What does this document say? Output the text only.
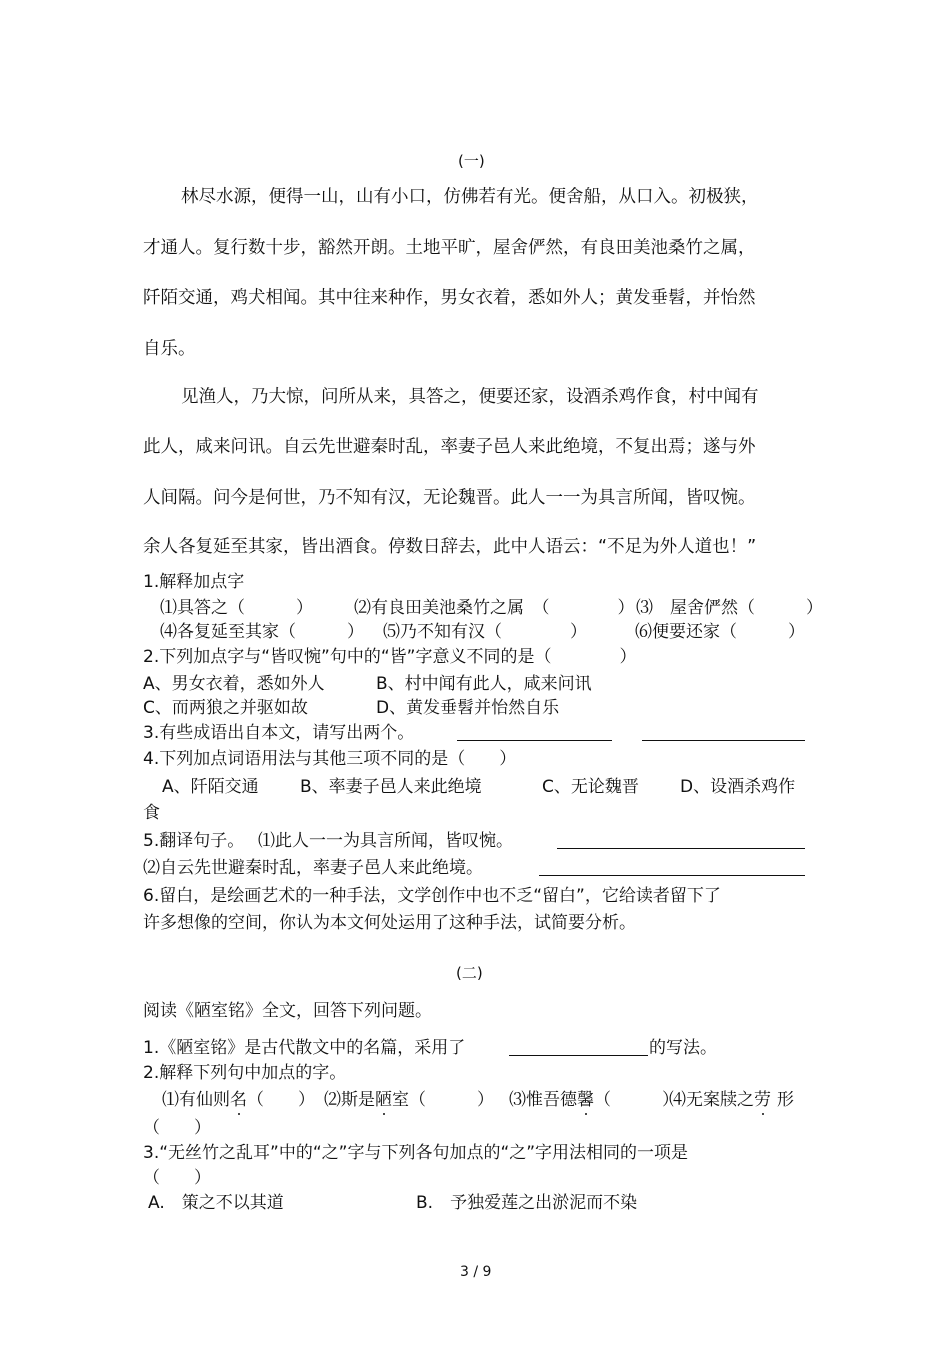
(一)
林尽水源，便得一山，山有小口，仿佛若有光。便舍船，从口入。初极狭，
才通人。复行数十步，豁然开朗。土地平旷，屋舍俨然，有良田美池桑竹之属，
阡陌交通，鸡犬相闻。其中往来种作，男女衣着，悉如外人；黄发垂髫，并怡然
自乐。
见渔人，乃大惊，问所从来，具答之，便要还家，设酒杀鸡作食，村中闻有
此人，咸来问讯。自云先世避秦时乱，率妻子邑人来此绝境，不复出焉；遂与外
人间隔。问今是何世，乃不知有汉，无论魏晋。此人一一为具言所闻，皆叹惋。
余人各复延至其家，皆出酒食。停数日辞去，此中人语云：“不足为外人道也！”
1.解释加点字
⑴具答之（　　　） ⑵有良田美池桑竹之属　（　　　　） ⑶　屋舍俨然（　　　）
⑷各复延至其家（　　　） ⑸乃不知有汉（　　　　）	⑹便要还家（　　　）
2.下列加点字与“皆叹惋”句中的“皆”字意义不同的是（　　　　）
A、男女衣着，悉如外人	B、村中闻有此人，咸来问讯
C、而两狼之并驱如故	D、黄发垂髫并怡然自乐
3.有些成语出自本文，请写出两个。
4.下列加点词语用法与其他三项不同的是（　　）
A、阡陌交通 B、率妻子邑人来此绝境	C、无论魏晋 D、设酒杀鸡作
食
5.翻译句子。 ⑴此人一一为具言所闻，皆叹惋。
⑵自云先世避秦时乱，率妻子邑人来此绝境。
6.留白，是绘画艺术的一种手法，文学创作中也不乏“留白”，它给读者留下了
许多想像的空间，你认为本文何处运用了这种手法，试简要分析。
(二)
阅读《陋室铭》全文，回答下列问题。
1.《陋室铭》是古代散文中的名篇，采用了	的写法。
2.解释下列句中加点的字。
⑴有仙则名（　　） ⑵斯是陋室（　　　） ⑶惟吾德馨（　　　）
⑷无案牍之劳 形
（　　）
3.“无丝竹之乱耳”中的“之”字与下列各句加点的“之”字用法相同的一项是
（　　）
A.　策之不以其道	B.　予独爱莲之出淤泥而不染
3 / 9
